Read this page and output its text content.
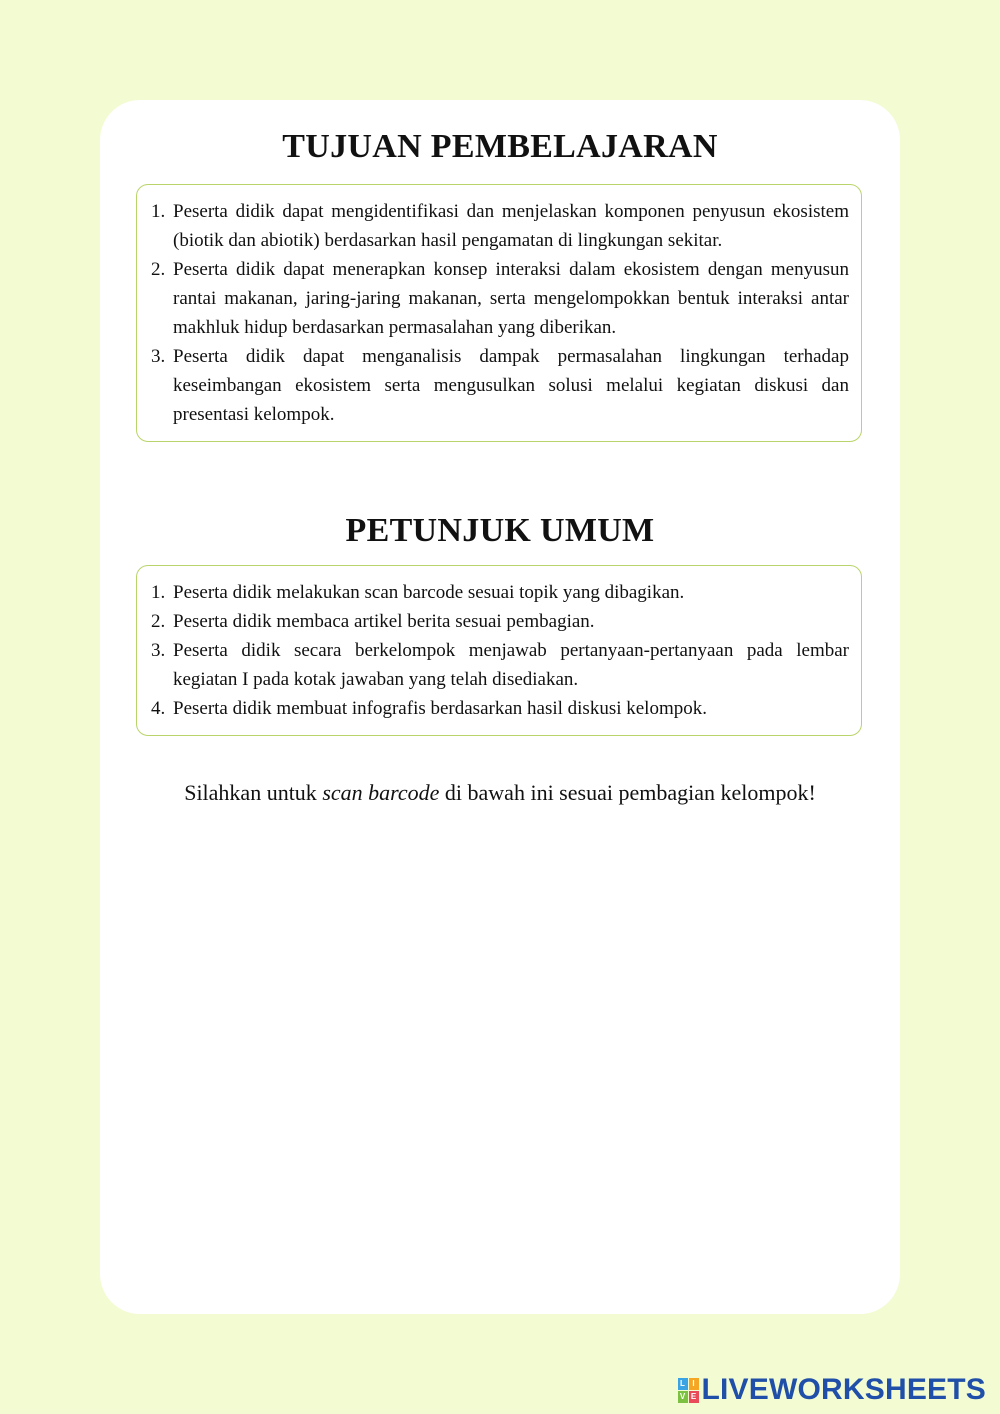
TUJUAN PEMBELAJARAN
1. Peserta didik dapat mengidentifikasi dan menjelaskan komponen penyusun ekosistem (biotik dan abiotik) berdasarkan hasil pengamatan di lingkungan sekitar.
2. Peserta didik dapat menerapkan konsep interaksi dalam ekosistem dengan menyusun rantai makanan, jaring-jaring makanan, serta mengelompokkan bentuk interaksi antar makhluk hidup berdasarkan permasalahan yang diberikan.
3. Peserta didik dapat menganalisis dampak permasalahan lingkungan terhadap keseimbangan ekosistem serta mengusulkan solusi melalui kegiatan diskusi dan presentasi kelompok.
PETUNJUK UMUM
1. Peserta didik melakukan scan barcode sesuai topik yang dibagikan.
2. Peserta didik membaca artikel berita sesuai pembagian.
3. Peserta didik secara berkelompok menjawab pertanyaan-pertanyaan pada lembar kegiatan I pada kotak jawaban yang telah disediakan.
4. Peserta didik membuat infografis berdasarkan hasil diskusi kelompok.

Silahkan untuk scan barcode di bawah ini sesuai pembagian kelompok!

L I
V E LIVEWORKSHEETS
